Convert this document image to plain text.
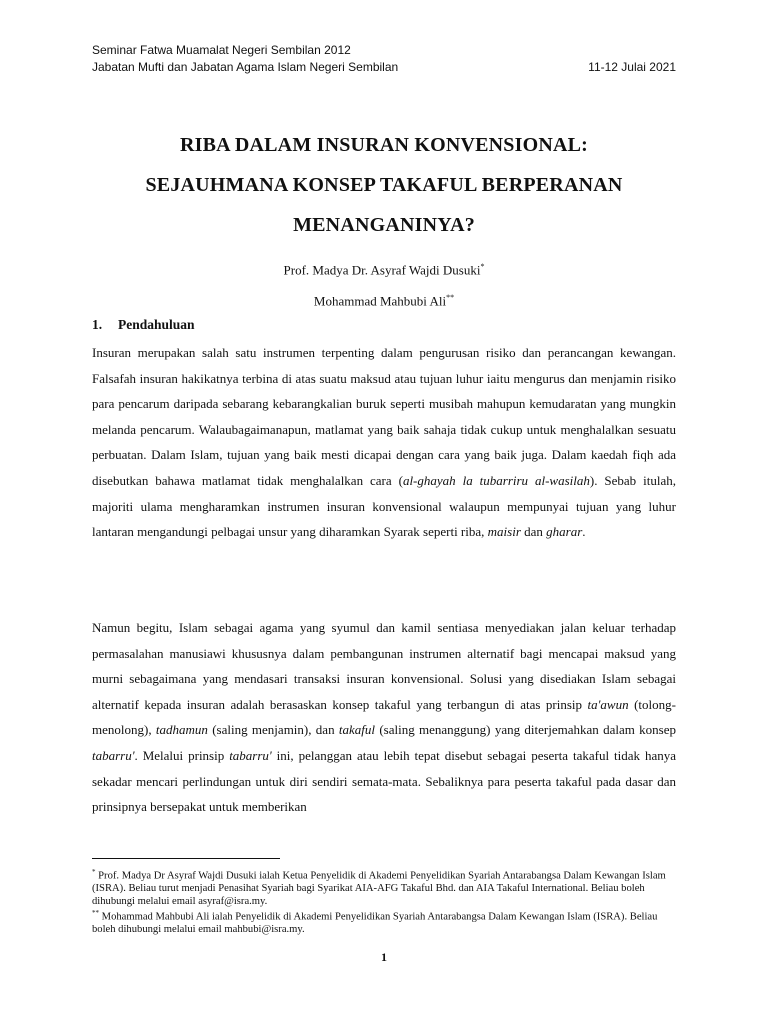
Seminar Fatwa Muamalat Negeri Sembilan 2012
Jabatan Mufti dan Jabatan Agama Islam Negeri Sembilan	11-12 Julai 2021
RIBA DALAM INSURAN KONVENSIONAL:
SEJAUHMANA KONSEP TAKAFUL BERPERANAN
MENANGANINYA?
Prof. Madya Dr. Asyraf Wajdi Dusuki*
Mohammad Mahbubi Ali**
1. Pendahuluan

Insuran merupakan salah satu instrumen terpenting dalam pengurusan risiko dan perancangan kewangan. Falsafah insuran hakikatnya terbina di atas suatu maksud atau tujuan luhur iaitu mengurus dan menjamin risiko para pencarum daripada sebarang kebarangkalian buruk seperti musibah mahupun kemudaratan yang mungkin melanda pencarum. Walaubagaimanapun, matlamat yang baik sahaja tidak cukup untuk menghalalkan sesuatu perbuatan. Dalam Islam, tujuan yang baik mesti dicapai dengan cara yang baik juga. Dalam kaedah fiqh ada disebutkan bahawa matlamat tidak menghalalkan cara (al-ghayah la tubarriru al-wasilah). Sebab itulah, majoriti ulama mengharamkan instrumen insuran konvensional walaupun mempunyai tujuan yang luhur lantaran mengandungi pelbagai unsur yang diharamkan Syarak seperti riba, maisir dan gharar.

Namun begitu, Islam sebagai agama yang syumul dan kamil sentiasa menyediakan jalan keluar terhadap permasalahan manusiawi khususnya dalam pembangunan instrumen alternatif bagi mencapai maksud yang murni sebagaimana yang mendasari transaksi insuran konvensional. Solusi yang disediakan Islam sebagai alternatif kepada insuran adalah berasaskan konsep takaful yang terbangun di atas prinsip ta'awun (tolong-menolong), tadhamun (saling menjamin), dan takaful (saling menanggung) yang diterjemahkan dalam konsep tabarru'. Melalui prinsip tabarru' ini, pelanggan atau lebih tepat disebut sebagai peserta takaful tidak hanya sekadar mencari perlindungan untuk diri sendiri semata-mata. Sebaliknya para peserta takaful pada dasar dan prinsipnya bersepakat untuk memberikan

* Prof. Madya Dr Asyraf Wajdi Dusuki ialah Ketua Penyelidik di Akademi Penyelidikan Syariah Antarabangsa Dalam Kewangan Islam (ISRA). Beliau turut menjadi Penasihat Syariah bagi Syarikat AIA-AFG Takaful Bhd. dan AIA Takaful International. Beliau boleh dihubungi melalui email asyraf@isra.my.

** Mohammad Mahbubi Ali ialah Penyelidik di Akademi Penyelidikan Syariah Antarabangsa Dalam Kewangan Islam (ISRA). Beliau boleh dihubungi melalui email mahbubi@isra.my.

1
